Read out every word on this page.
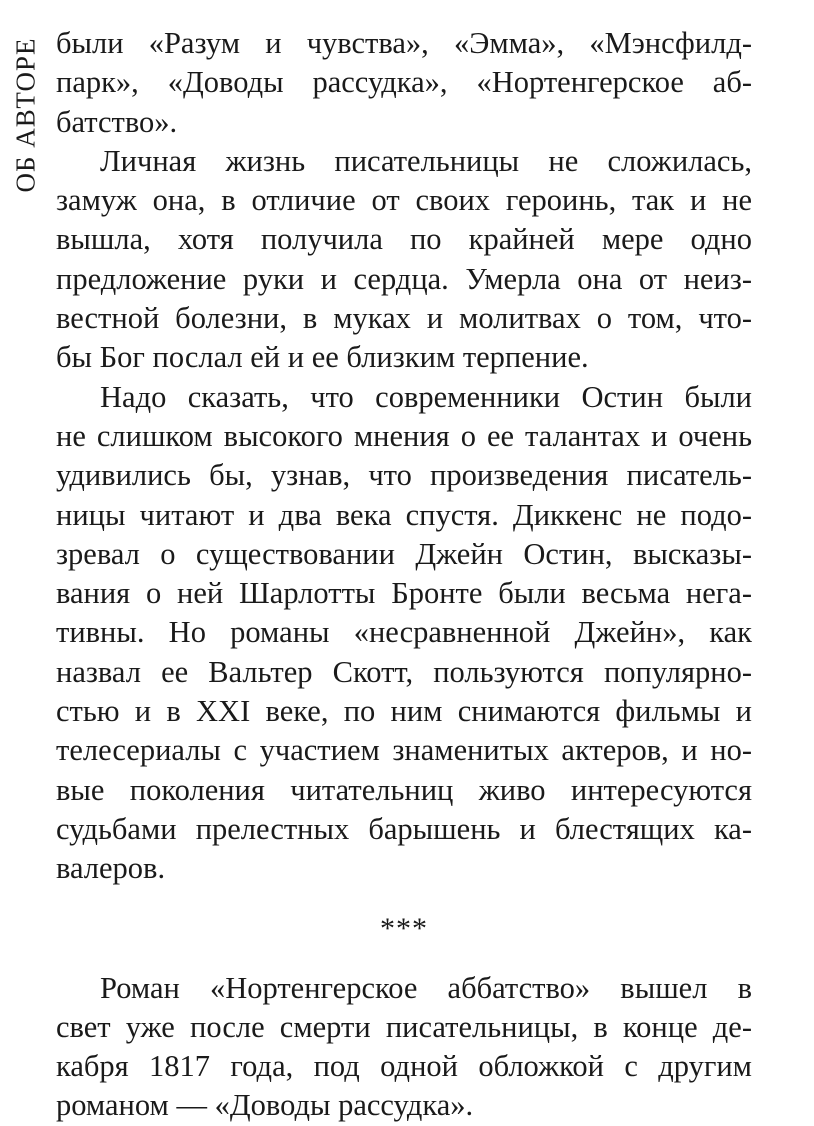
ОБ АВТОРЕ были «Разум и чувства», «Эмма», «Мэнсфилд-
парк», «Доводы рассудка», «Нортенгерское аб-
батство».
Личная жизнь писательницы не сложилась,
замуж она, в отличие от своих героинь, так и не
вышла, хотя получила по крайней мере одно
предложение руки и сердца. Умерла она от неиз-
вестной болезни, в муках и молитвах о том, что-
бы Бог послал ей и ее близким терпение.
Надо сказать, что современники Остин были
не слишком высокого мнения о ее талантах и очень
удивились бы, узнав, что произведения писатель-
ницы читают и два века спустя. Диккенс не подо-
зревал о существовании Джейн Остин, высказы-
вания о ней Шарлотты Бронте были весьма нега-
тивны. Но романы «несравненной Джейн», как
назвал ее Вальтер Скотт, пользуются популярно-
стью и в XXI веке, по ним снимаются фильмы и
телесериалы с участием знаменитых актеров, и но-
вые поколения читательниц живо интересуются
судьбами прелестных барышень и блестящих ка-
валеров.
***
Роман «Нортенгерское аббатство» вышел в
свет уже после смерти писательницы, в конце де-
кабря 1817 года, под одной обложкой с другим
романом — «Доводы рассудка».
